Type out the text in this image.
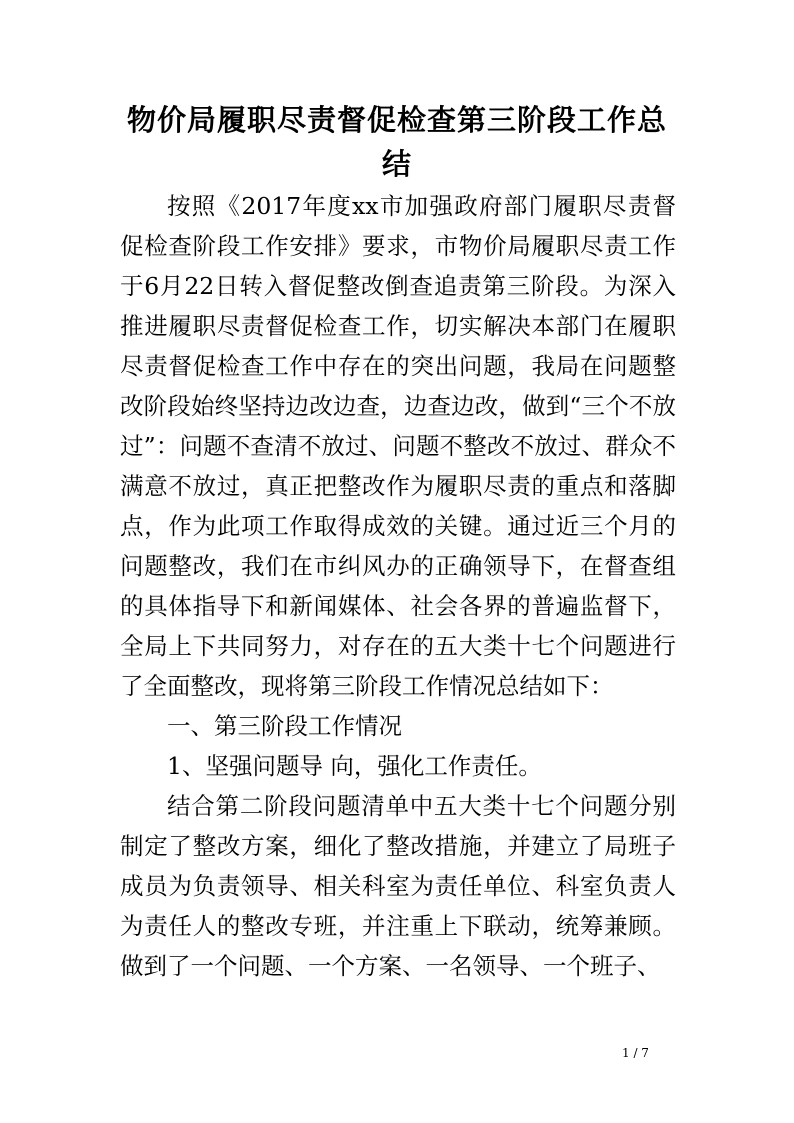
物价局履职尽责督促检查第三阶段工作总结

按照《2017年度xx市加强政府部门履职尽责督促检查阶段工作安排》要求，市物价局履职尽责工作于6月22日转入督促整改倒查追责第三阶段。为深入推进履职尽责督促检查工作，切实解决本部门在履职尽责督促检查工作中存在的突出问题，我局在问题整改阶段始终坚持边改边查，边查边改，做到“三个不放过”：问题不查清不放过、问题不整改不放过、群众不满意不放过，真正把整改作为履职尽责的重点和落脚点，作为此项工作取得成效的关键。通过近三个月的问题整改，我们在市纠风办的正确领导下，在督查组的具体指导下和新闻媒体、社会各界的普遍监督下，全局上下共同努力，对存在的五大类十七个问题进行了全面整改，现将第三阶段工作情况总结如下：

一、第三阶段工作情况

1、坚强问题导 向，强化工作责任。

结合第二阶段问题清单中五大类十七个问题分别制定了整改方案，细化了整改措施，并建立了局班子成员为负责领导、相关科室为责任单位、科室负责人为责任人的整改专班，并注重上下联动，统筹兼顾。做到了一个问题、一个方案、一名领导、一个班子、

1 / 7
